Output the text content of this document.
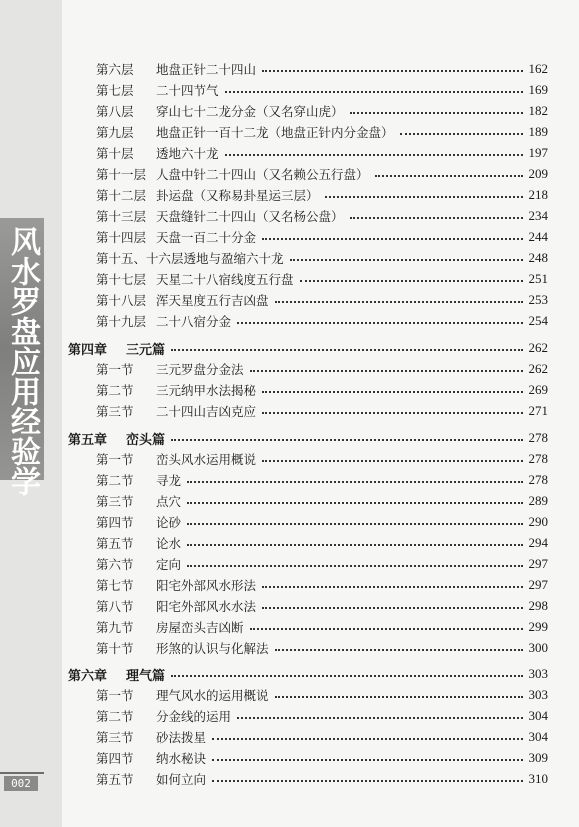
风水罗盘应用经验学
002
第六层 地盘正针二十四山	162
第七层 二十四节气	169
第八层 穿山七十二龙分金（又名穿山虎）	182
第九层 地盘正针一百十二龙（地盘正针内分金盘）	189
第十层 透地六十龙	197
第十一层 人盘中针二十四山（又名赖公五行盘）	209
第十二层 卦运盘（又称易卦星运三层）	218
第十三层 天盘缝针二十四山（又名杨公盘）	234
第十四层 天盘一百二十分金	244
第十五、十六层透地与盈缩六十龙	248
第十七层 天星二十八宿线度五行盘	251
第十八层 浑天星度五行吉凶盘	253
第十九层 二十八宿分金	254
第四章 三元篇	262
第一节 三元罗盘分金法	262
第二节 三元纳甲水法揭秘	269
第三节 二十四山吉凶克应	271
第五章 峦头篇	278
第一节 峦头风水运用概说	278
第二节 寻龙	278
第三节 点穴	289
第四节 论砂	290
第五节 论水	294
第六节 定向	297
第七节 阳宅外部风水形法	297
第八节 阳宅外部风水水法	298
第九节 房屋峦头吉凶断	299
第十节 形煞的认识与化解法	300
第六章 理气篇	303
第一节 理气风水的运用概说	303
第二节 分金线的运用	304
第三节 砂法拨星	304
第四节 纳水秘诀	309
第五节 如何立向	310
